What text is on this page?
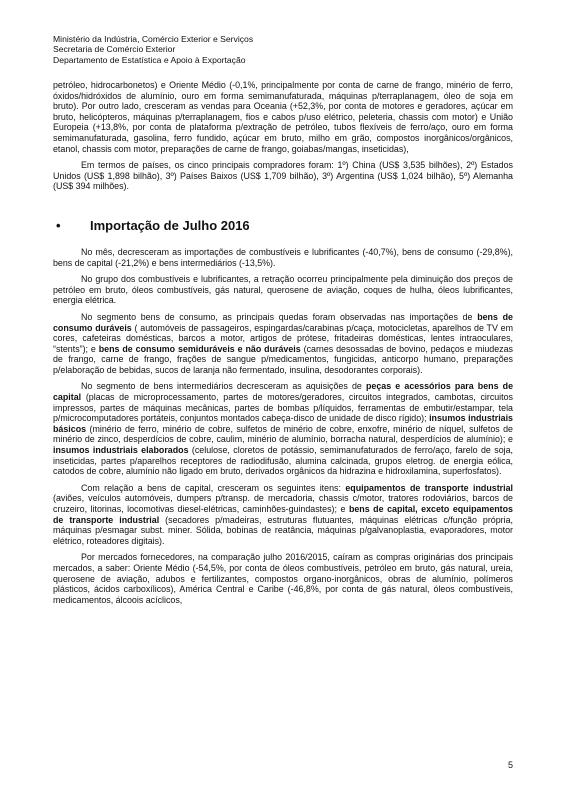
Ministério da Indústria, Comércio Exterior e Serviços
Secretaria de Comércio Exterior
Departamento de Estatística e Apoio à Exportação

petróleo, hidrocarbonetos) e Oriente Médio (-0,1%, principalmente por conta de carne de frango, minério de ferro, óxidos/hidróxidos de alumínio, ouro em forma semimanufaturada, máquinas p/terraplanagem, óleo de soja em bruto). Por outro lado, cresceram as vendas para Oceania (+52,3%, por conta de motores e geradores, açúcar em bruto, helicópteros, máquinas p/terraplanagem, fios e cabos p/uso elétrico, peleteria, chassis com motor) e União Europeia (+13,8%, por conta de plataforma p/extração de petróleo, tubos flexíveis de ferro/aço, ouro em forma semimanufaturada, gasolina, ferro fundido, açúcar em bruto, milho em grão, compostos inorgânicos/orgânicos, etanol, chassis com motor, preparações de carne de frango, goiabas/mangas, inseticidas),

Em termos de países, os cinco principais compradores foram: 1º) China (US$ 3,535 bilhões), 2º) Estados Unidos (US$ 1,898 bilhão), 3º) Países Baixos (US$ 1,709 bilhão), 3º) Argentina (US$ 1,024 bilhão), 5º) Alemanha (US$ 394 milhões).

•	Importação de Julho 2016

No mês, decresceram as importações de combustíveis e lubrificantes (-40,7%), bens de consumo (-29,8%), bens de capital (-21,2%) e bens intermediários (-13,5%).

No grupo dos combustíveis e lubrificantes, a retração ocorreu principalmente pela diminuição dos preços de petróleo em bruto, óleos combustíveis, gás natural, querosene de aviação, coques de hulha, óleos lubrificantes, energia elétrica.

No segmento bens de consumo, as principais quedas foram observadas nas importações de bens de consumo duráveis ( automóveis de passageiros, espingardas/carabinas p/caça, motocicletas, aparelhos de TV em cores, cafeteiras domésticas, barcos a motor, artigos de prótese, fritadeiras domésticas, lentes intraoculares, “stents”); e bens de consumo semiduráveis e não duráveis (carnes desossadas de bovino, pedaços e miudezas de frango, carne de frango, frações de sangue p/medicamentos, fungicidas, anticorpo humano, preparações p/elaboração de bebidas, sucos de laranja não fermentado, insulina, desodorantes corporais).

No segmento de bens intermediários decresceram as aquisições de peças e acessórios para bens de capital (placas de microprocessamento, partes de motores/geradores, circuitos integrados, cambotas, circuitos impressos, partes de máquinas mecânicas, partes de bombas p/líquidos, ferramentas de embutir/estampar, tela p/microcomputadores portáteis, conjuntos montados cabeça-disco de unidade de disco rígido); insumos industriais básicos (minério de ferro, minério de cobre, sulfetos de minério de cobre, enxofre, minério de níquel, sulfetos de minério de zinco, desperdícios de cobre, caulim, minério de alumínio, borracha natural, desperdícios de alumínio); e insumos industriais elaborados (celulose, cloretos de potássio, semimanufaturados de ferro/aço, farelo de soja, inseticidas, partes p/aparelhos receptores de radiodifusão, alumina calcinada, grupos eletrog. de energia eólica, catodos de cobre, alumínio não ligado em bruto, derivados orgânicos da hidrazina e hidroxilamina, superfosfatos).

Com relação a bens de capital, cresceram os seguintes itens: equipamentos de transporte industrial (aviões, veículos automóveis, dumpers p/transp. de mercadoria, chassis c/motor, tratores rodoviários, barcos de cruzeiro, litorinas, locomotivas diesel-elétricas, caminhões-guindastes); e bens de capital, exceto equipamentos de transporte industrial (secadores p/madeiras, estruturas flutuantes, máquinas elétricas c/função própria, máquinas p/esmagar subst. miner. Sólida, bobinas de reatância, máquinas p/galvanoplastia, evaporadores, motor elétrico, roteadores digitais).

Por mercados fornecedores, na comparação julho 2016/2015, caíram as compras originárias dos principais mercados, a saber: Oriente Médio (-54,5%, por conta de óleos combustíveis, petróleo em bruto, gás natural, ureia, querosene de aviação, adubos e fertilizantes, compostos organo-inorgânicos, obras de alumínio, polímeros plásticos, ácidos carboxílicos), América Central e Caribe (-46,8%, por conta de gás natural, óleos combustíveis, medicamentos, álcoois acíclicos,

5
